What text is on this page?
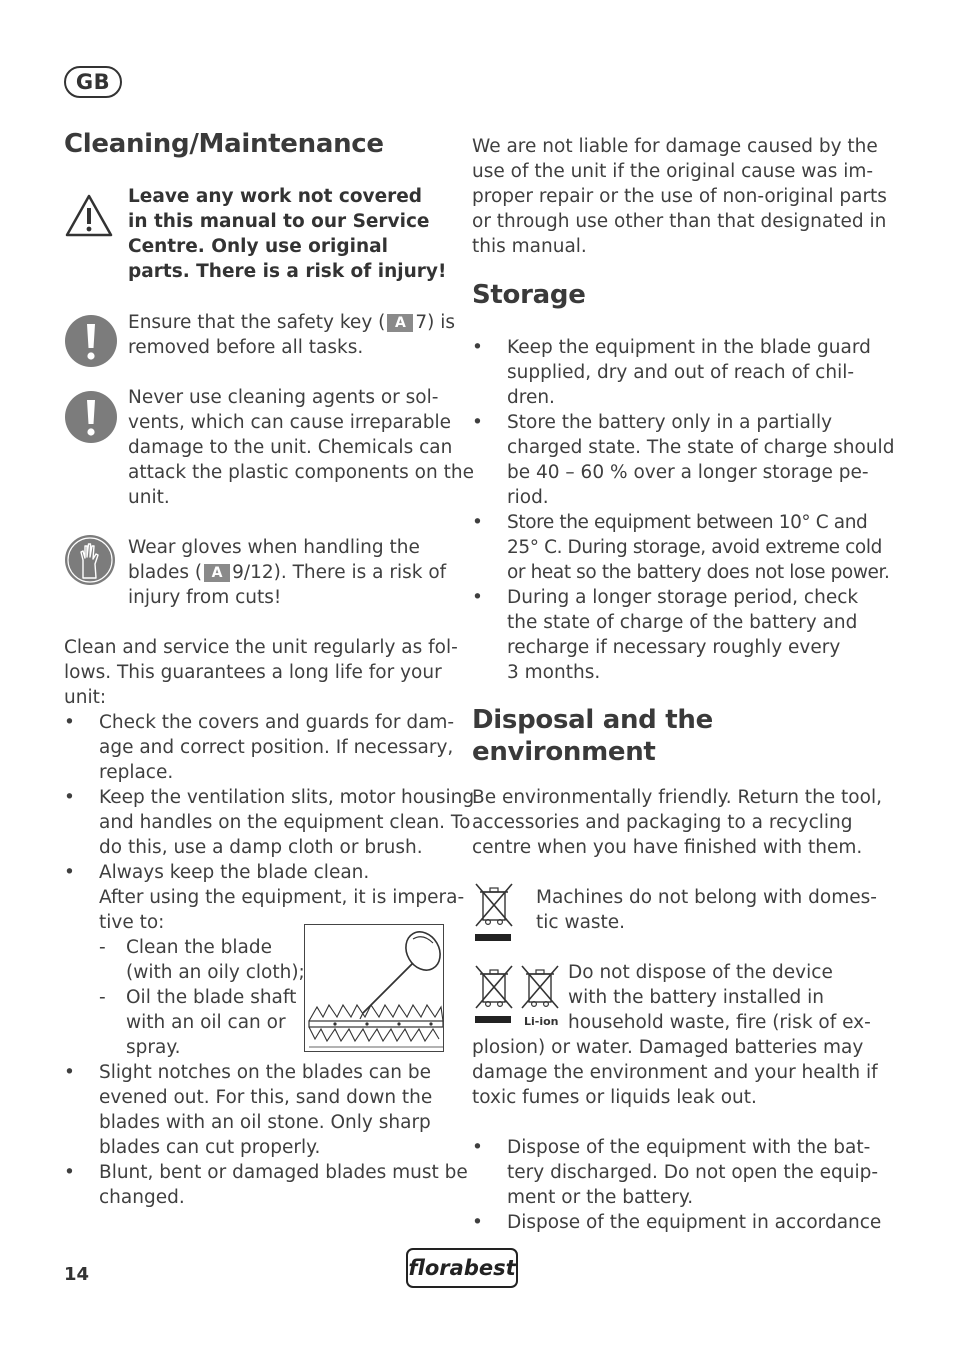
GB
Cleaning/Maintenance
Leave any work not covered
in this manual to our Service
Centre. Only use original
parts. There is a risk of injury!
Ensure that the safety key ( A 7) is
removed before all tasks.
Never use cleaning agents or sol-
vents, which can cause irreparable
damage to the unit. Chemicals can
attack the plastic components on the
unit.
Wear gloves when handling the
blades ( A 9/12). There is a risk of
injury from cuts!
Clean and service the unit regularly as fol-
lows. This guarantees a long life for your
unit:
• Check the covers and guards for dam-
age and correct position. If necessary,
replace.
• Keep the ventilation slits, motor housing
and handles on the equipment clean. To
do this, use a damp cloth or brush.
• Always keep the blade clean.
After using the equipment, it is impera-
tive to:
- Clean the blade
(with an oily cloth);
- Oil the blade shaft
with an oil can or
spray.
• Slight notches on the blades can be
evened out. For this, sand down the
blades with an oil stone. Only sharp
blades can cut properly.
• Blunt, bent or damaged blades must be
changed.
We are not liable for damage caused by the
use of the unit if the original cause was im-
proper repair or the use of non-original parts
or through use other than that designated in
this manual.
Storage
• Keep the equipment in the blade guard
supplied, dry and out of reach of chil-
dren.
• Store the battery only in a partially
charged state. The state of charge should
be 40 – 60 % over a longer storage pe-
riod.
• Store the equipment between 10° C and
25° C. During storage, avoid extreme cold
or heat so the battery does not lose power.
• During a longer storage period, check
the state of charge of the battery and
recharge if necessary roughly every
3 months.
Disposal and the
environment
Be environmentally friendly. Return the tool,
accessories and packaging to a recycling
centre when you have finished with them.
Machines do not belong with domes-
tic waste.
Li-ion
Do not dispose of the device
with the battery installed in
household waste, fire (risk of ex-
plosion) or water. Damaged batteries may
damage the environment and your health if
toxic fumes or liquids leak out.
• Dispose of the equipment with the bat-
tery discharged. Do not open the equip-
ment or the battery.
• Dispose of the equipment in accordance
14	florabest
